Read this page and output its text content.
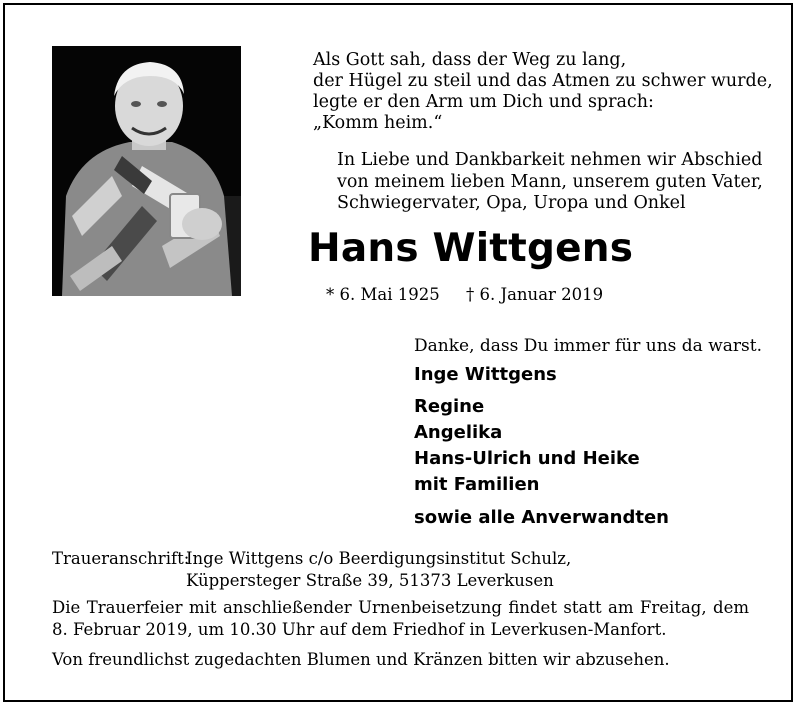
Als Gott sah, dass der Weg zu lang,
der Hügel zu steil und das Atmen zu schwer wurde,
legte er den Arm um Dich und sprach:
„Komm heim.“
In Liebe und Dankbarkeit nehmen wir Abschied
von meinem lieben Mann, unserem guten Vater,
Schwiegervater, Opa, Uropa und Onkel
Hans Wittgens
* 6. Mai 1925 † 6. Januar 2019
Danke, dass Du immer für uns da warst.
Inge Wittgens
Regine
Angelika
Hans-Ulrich und Heike
mit Familien
sowie alle Anverwandten
Traueranschrift:
Inge Wittgens c/o Beerdigungsinstitut Schulz,
Küppersteger Straße 39, 51373 Leverkusen
Die Trauerfeier mit anschließender Urnenbeisetzung findet statt am Freitag, dem
8. Februar 2019, um 10.30 Uhr auf dem Friedhof in Leverkusen-Manfort.
Von freundlichst zugedachten Blumen und Kränzen bitten wir abzusehen.
